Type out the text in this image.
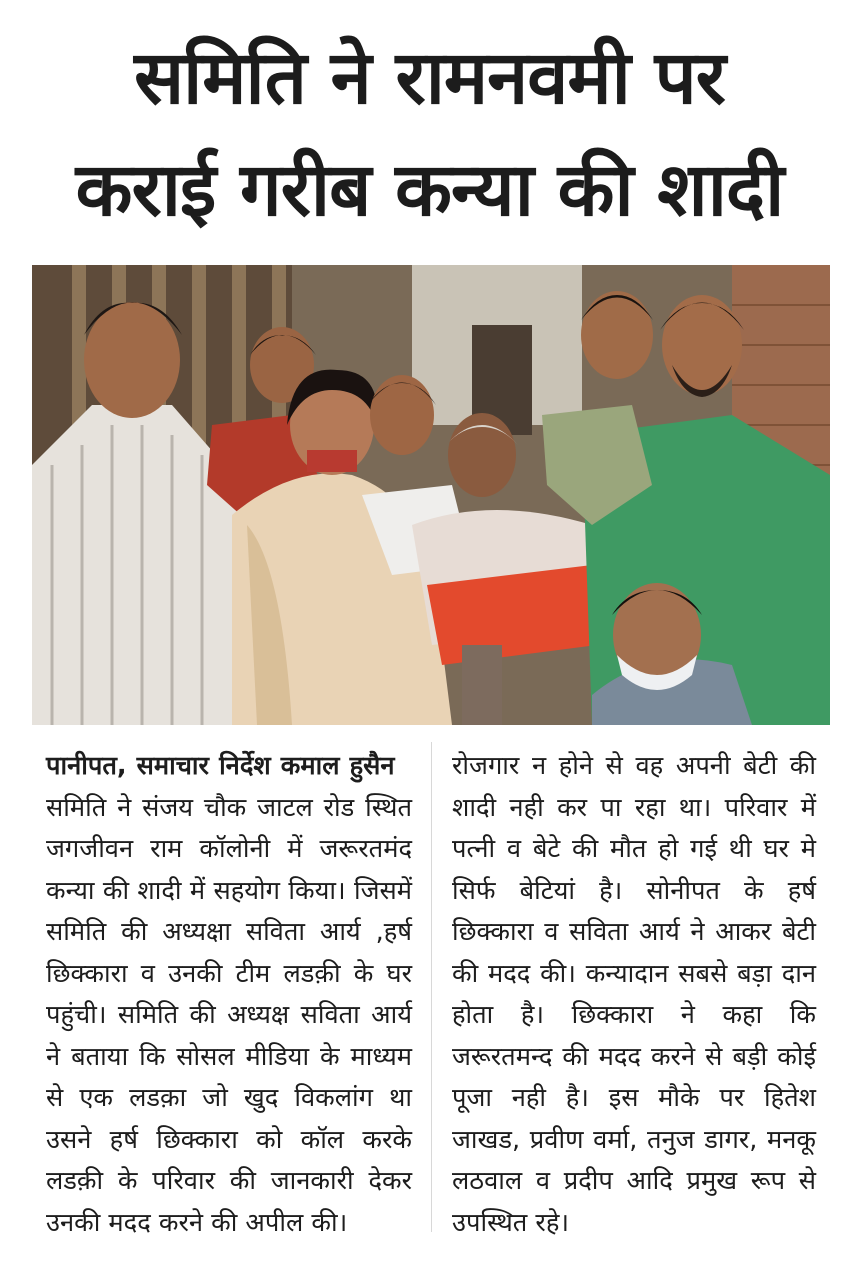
समिति ने रामनवमी पर
कराई गरीब कन्या की शादी
पानीपत, समाचार निर्देश कमाल हुसैन   समिति ने संजय चौक जाटल रोड स्थित जगजीवन राम कॉलोनी में जरूरतमंद कन्या की शादी में सहयोग किया। जिसमें समिति की अध्यक्षा सविता आर्य ,हर्ष छिक्कारा व उनकी टीम लडक़ी के घर पहुंची। समिति की अध्यक्ष सविता आर्य ने बताया कि सोसल मीडिया के माध्यम से एक लडक़ा जो खुद विकलांग था उसने हर्ष छिक्कारा को कॉल करके लडक़ी के परिवार की जानकारी देकर उनकी मदद करने की अपील की।
रोजगार न होने से वह अपनी बेटी की शादी नही कर पा रहा था। परिवार में पत्नी व बेटे की मौत हो गई थी घर मे सिर्फ बेटियां है। सोनीपत के हर्ष छिक्कारा व सविता आर्य ने आकर बेटी की मदद की। कन्यादान सबसे बड़ा दान होता है। छिक्कारा ने कहा कि जरूरतमन्द की मदद करने से बड़ी कोई पूजा नही है। इस मौके पर हितेश जाखड, प्रवीण वर्मा, तनुज डागर, मनकू लठवाल व प्रदीप आदि प्रमुख रूप से उपस्थित रहे।
